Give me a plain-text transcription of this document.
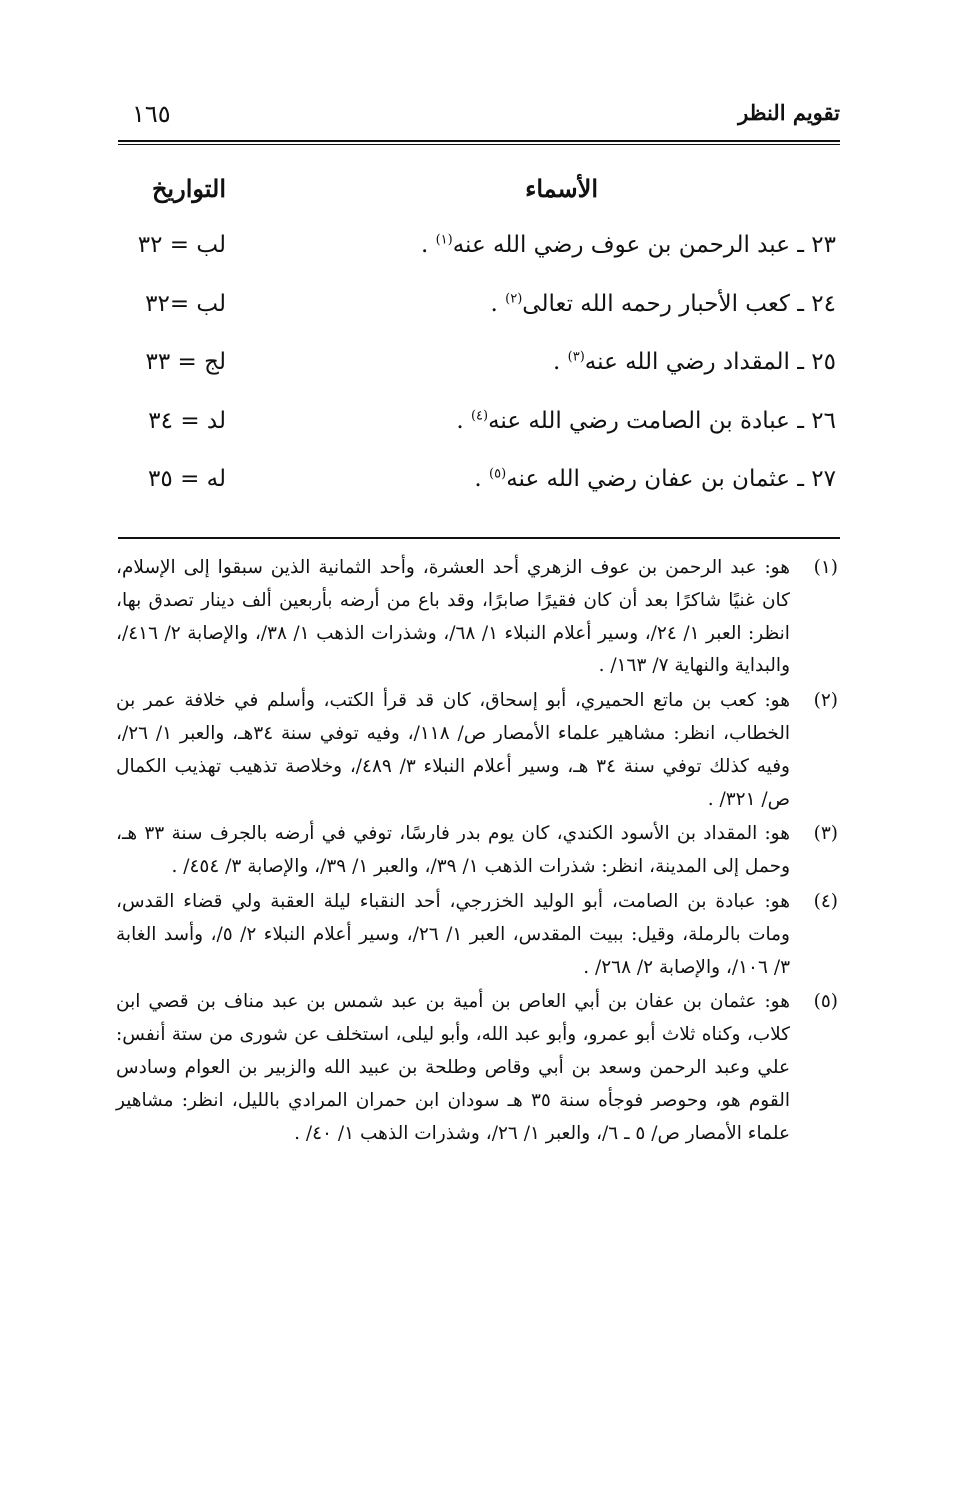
تقويم النظر
١٦٥
الأسماء
التواريخ
٢٣ ـ عبد الرحمن بن عوف رضي الله عنه$^{(١)}$ .
لب = ٣٢
٢٤ ـ كعب الأحبار رحمه الله تعالى$^{(٢)}$ .
لب =٣٢
٢٥ ـ المقداد رضي الله عنه$^{(٣)}$ .
لج = ٣٣
٢٦ ـ عبادة بن الصامت رضي الله عنه$^{(٤)}$ .
لد = ٣٤
٢٧ ـ عثمان بن عفان رضي الله عنه$^{(٥)}$ .
له = ٣٥
(١)
هو: عبد الرحمن بن عوف الزهري أحد العشرة، وأحد الثمانية الذين سبقوا إلى الإسلام، كان غنيًا شاكرًا بعد أن كان فقيرًا صابرًا، وقد باع من أرضه بأربعين ألف دينار تصدق بها، انظر: العبر ١/ ٢٤/، وسير أعلام النبلاء ١/ ٦٨/، وشذرات الذهب ١/ ٣٨/، والإصابة ٢/ ٤١٦/، والبداية والنهاية ٧/ ١٦٣/ .
(٢)
هو: كعب بن ماتع الحميري، أبو إسحاق، كان قد قرأ الكتب، وأسلم في خلافة عمر بن الخطاب، انظر: مشاهير علماء الأمصار ص/ ١١٨/، وفيه توفي سنة ٣٤هـ، والعبر ١/ ٢٦/، وفيه كذلك توفي سنة ٣٤ هـ، وسير أعلام النبلاء ٣/ ٤٨٩/، وخلاصة تذهيب تهذيب الكمال ص/ ٣٢١/ .
(٣)
هو: المقداد بن الأسود الكندي، كان يوم بدر فارسًا، توفي في أرضه بالجرف سنة ٣٣ هـ، وحمل إلى المدينة، انظر: شذرات الذهب ١/ ٣٩/، والعبر ١/ ٣٩/، والإصابة ٣/ ٤٥٤/ .
(٤)
هو: عبادة بن الصامت، أبو الوليد الخزرجي، أحد النقباء ليلة العقبة ولي قضاء القدس، ومات بالرملة، وقيل: ببيت المقدس، العبر ١/ ٢٦/، وسير أعلام النبلاء ٢/ ٥/، وأسد الغابة ٣/ ١٠٦/، والإصابة ٢/ ٢٦٨/ .
(٥)
هو: عثمان بن عفان بن أبي العاص بن أمية بن عبد شمس بن عبد مناف بن قصي ابن كلاب، وكناه ثلاث أبو عمرو، وأبو عبد الله، وأبو ليلى، استخلف عن شورى من ستة أنفس: علي وعبد الرحمن وسعد بن أبي وقاص وطلحة بن عبيد الله والزبير بن العوام وسادس القوم هو، وحوصر فوجأه سنة ٣٥ هـ سودان ابن حمران المرادي بالليل، انظر: مشاهير علماء الأمصار ص/ ٥ ـ ٦/، والعبر ١/ ٢٦/، وشذرات الذهب ١/ ٤٠/ .
